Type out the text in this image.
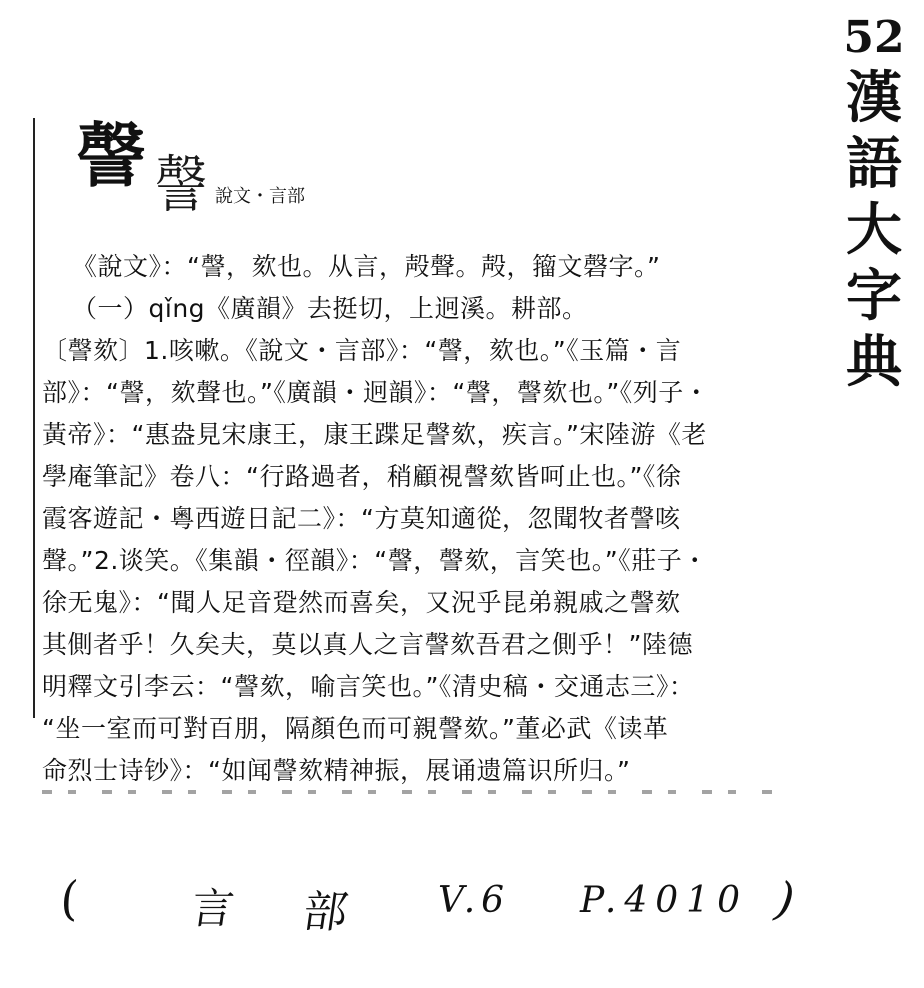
52
漢
語
大
字
典
謦 謦 說文・言部
《說文》：“謦，欬也。从言，殸聲。殸，籀文磬字。”
（一）qǐng《廣韻》去挺切，上迥溪。耕部。
〔謦欬〕1.咳嗽。《說文・言部》：“謦，欬也。”《玉篇・言
部》：“謦，欬聲也。”《廣韻・迥韻》：“謦，謦欬也。”《列子・
黃帝》：“惠盎見宋康王，康王蹀足謦欬，疾言。”宋陸游《老
學庵筆記》卷八：“行路過者，稍顧視謦欬皆呵止也。”《徐
霞客遊記・粵西遊日記二》：“方莫知適從，忽聞牧者謦咳
聲。”2.谈笑。《集韻・徑韻》：“謦，謦欬，言笑也。”《莊子・
徐无鬼》：“聞人足音跫然而喜矣，又況乎昆弟親戚之謦欬
其側者乎！久矣夫，莫以真人之言謦欬吾君之側乎！”陸德
明釋文引李云：“謦欬，喻言笑也。”《清史稿・交通志三》：
“坐一室而可對百朋，隔顏色而可親謦欬。”董必武《读革
命烈士诗钞》：“如闻謦欬精神振，展诵遗篇识所归。”
(	言 部 V.6 P.4010 )
